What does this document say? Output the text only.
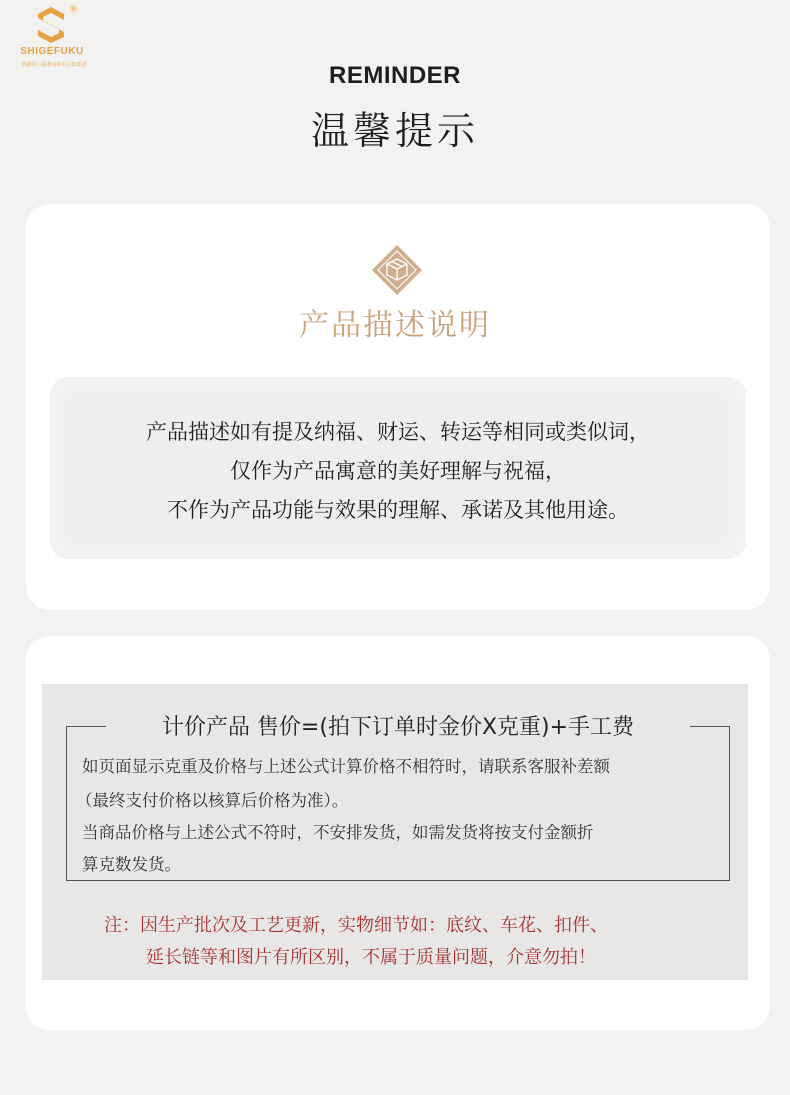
®
SHIGEFUKU
香港周六福黄金钻石首饰集团	REMINDER
温馨提示
产品描述说明
产品描述如有提及纳福、财运、转运等相同或类似词，
仅作为产品寓意的美好理解与祝福，
不作为产品功能与效果的理解、承诺及其他用途。
计价产品 售价=(拍下订单时金价X克重)+手工费
如页面显示克重及价格与上述公式计算价格不相符时，请联系客服补差额
（最终支付价格以核算后价格为准）。
当商品价格与上述公式不符时，不安排发货，如需发货将按支付金额折
算克数发货。
注：因生产批次及工艺更新，实物细节如：底纹、车花、扣件、
延长链等和图片有所区别，不属于质量问题，介意勿拍！
